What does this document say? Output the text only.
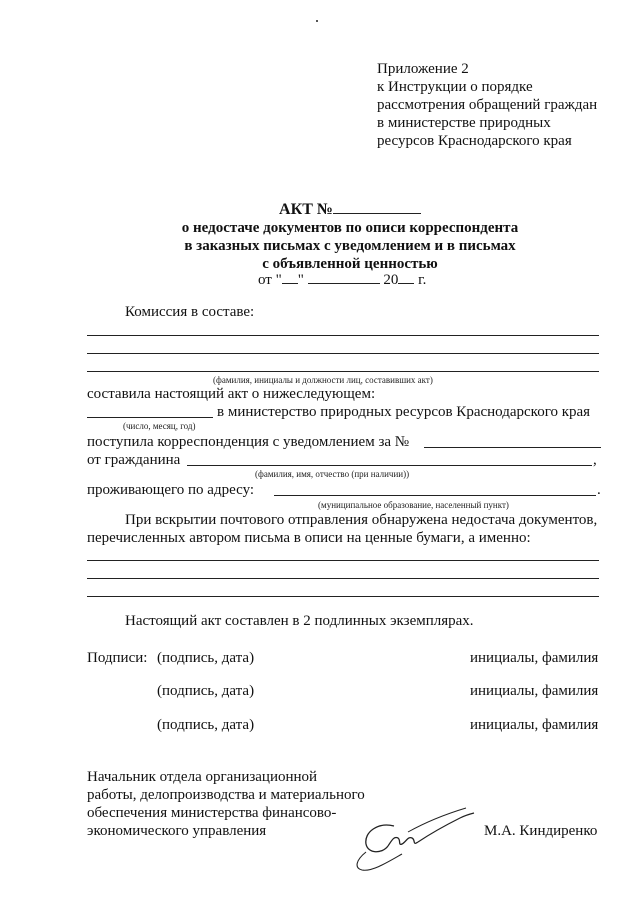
Приложение 2
к Инструкции о порядке
рассмотрения обращений граждан
в министерстве природных
ресурсов Краснодарского края
АКТ №
о недостаче документов по описи корреспондента
в заказных письмах с уведомлением и в письмах
с объявленной ценностью
от " "	20 г.
Комиссия в составе:
(фамилия, инициалы и должности лиц, составивших акт)
составила настоящий акт о нижеследующем:
в министерство природных ресурсов Краснодарского края
(число, месяц, год)
поступила корреспонденция с уведомлением за №
от гражданина	,
(фамилия, имя, отчество (при наличии))
проживающего по адресу:	.
(муниципальное образование, населенный пункт)
При вскрытии почтового отправления обнаружена недостача документов,
перечисленных автором письма в описи на ценные бумаги, а именно:
Настоящий акт составлен в 2 подлинных экземплярах.
Подписи: (подпись, дата)	инициалы, фамилия
(подпись, дата)	инициалы, фамилия
(подпись, дата)	инициалы, фамилия
Начальник отдела организационной
работы, делопроизводства и материального
обеспечения министерства финансово-
экономического управления	М.А. Киндиренко
